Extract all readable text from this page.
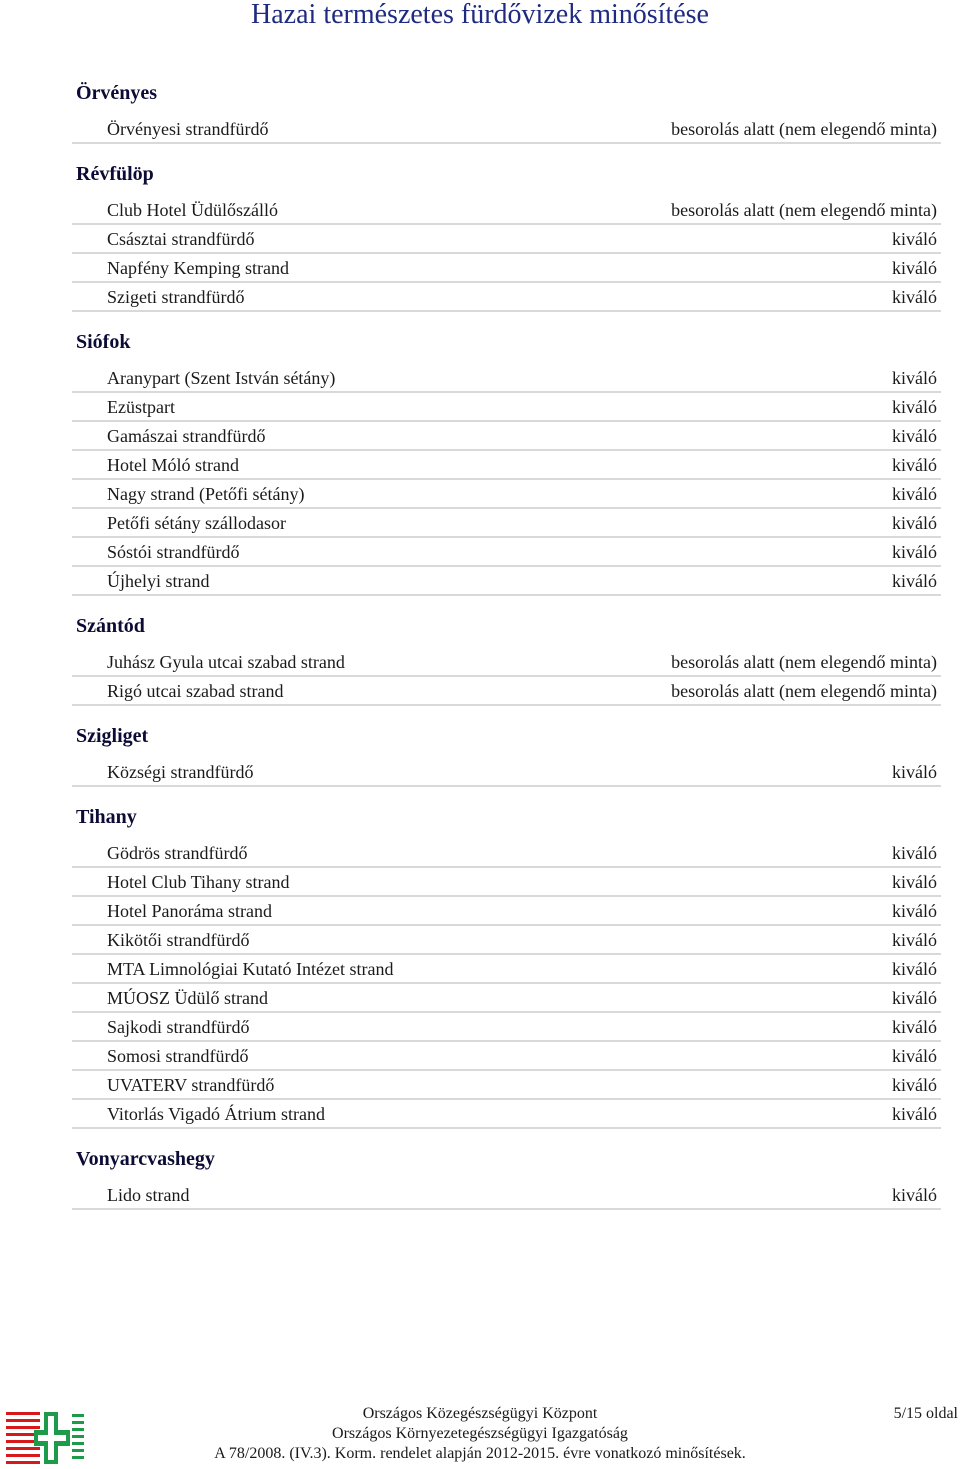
Hazai természetes fürdővizek minősítése
Örvényes
Örvényesi strandfürdő	besorolás alatt (nem elegendő minta)
Révfülöp
Club Hotel Üdülőszálló	besorolás alatt (nem elegendő minta)
Császtai strandfürdő	kiváló
Napfény Kemping strand	kiváló
Szigeti strandfürdő	kiváló
Siófok
Aranypart (Szent István sétány)	kiváló
Ezüstpart	kiváló
Gamászai strandfürdő	kiváló
Hotel Móló strand	kiváló
Nagy strand (Petőfi sétány)	kiváló
Petőfi sétány szállodasor	kiváló
Sóstói strandfürdő	kiváló
Újhelyi strand	kiváló
Szántód
Juhász Gyula utcai szabad strand	besorolás alatt (nem elegendő minta)
Rigó utcai szabad strand	besorolás alatt (nem elegendő minta)
Szigliget
Községi strandfürdő	kiváló
Tihany
Gödrös strandfürdő	kiváló
Hotel Club Tihany strand	kiváló
Hotel Panoráma strand	kiváló
Kikötői strandfürdő	kiváló
MTA Limnológiai Kutató Intézet strand	kiváló
MÚOSZ Üdülő strand	kiváló
Sajkodi strandfürdő	kiváló
Somosi strandfürdő	kiváló
UVATERV strandfürdő	kiváló
Vitorlás Vigadó Átrium strand	kiváló
Vonyarcvashegy
Lido strand	kiváló
Országos Közegészségügyi Központ
Országos Környezetegészségügyi Igazgatóság
A 78/2008. (IV.3). Korm. rendelet alapján 2012-2015. évre vonatkozó minősítések.
5/15 oldal
